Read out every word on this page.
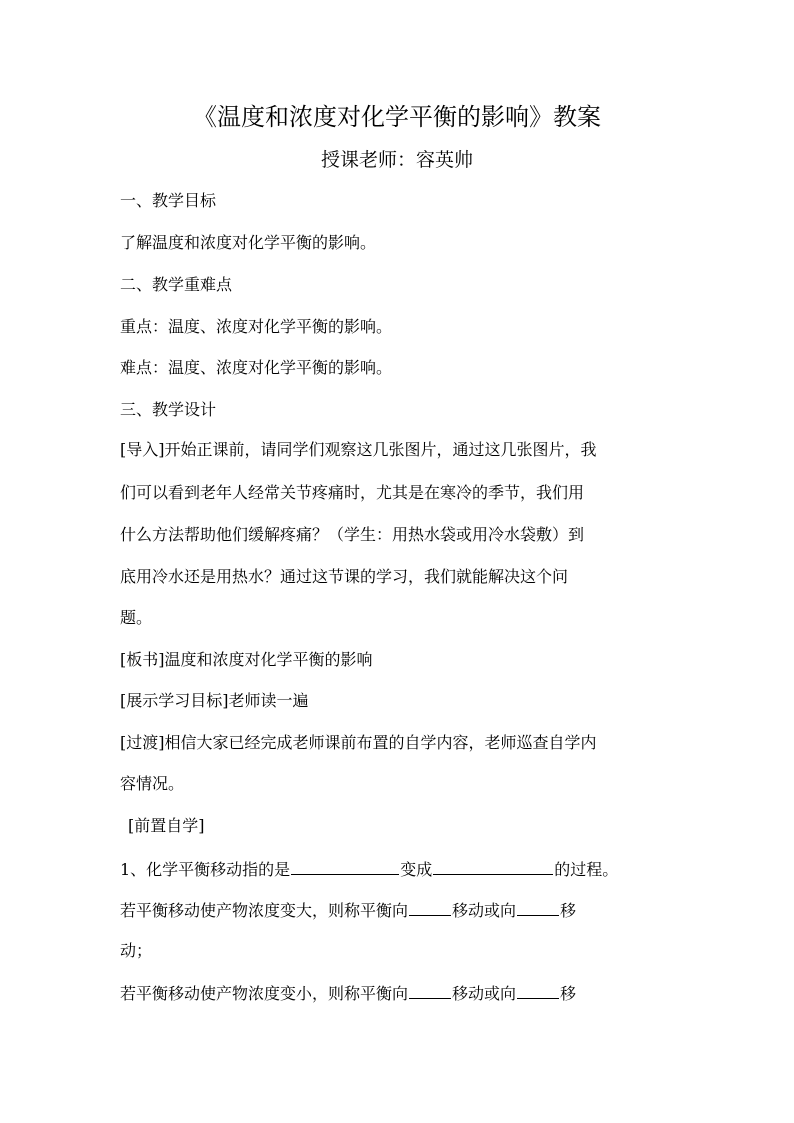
《温度和浓度对化学平衡的影响》教案
授课老师：容英帅
一、教学目标
了解温度和浓度对化学平衡的影响。
二、教学重难点
重点：温度、浓度对化学平衡的影响。
难点：温度、浓度对化学平衡的影响。
三、教学设计
[导入]开始正课前，请同学们观察这几张图片，通过这几张图片，我
们可以看到老年人经常关节疼痛时，尤其是在寒冷的季节，我们用
什么方法帮助他们缓解疼痛？（学生：用热水袋或用冷水袋敷）到
底用冷水还是用热水？通过这节课的学习，我们就能解决这个问
题。
[板书]温度和浓度对化学平衡的影响
[展示学习目标]老师读一遍
[过渡]相信大家已经完成老师课前布置的自学内容，老师巡查自学内
容情况。
[前置自学]
1、化学平衡移动指的是	变成	的过程。
若平衡移动使产物浓度变大，则称平衡向	移动或向	移
动；
若平衡移动使产物浓度变小，则称平衡向	移动或向	移
